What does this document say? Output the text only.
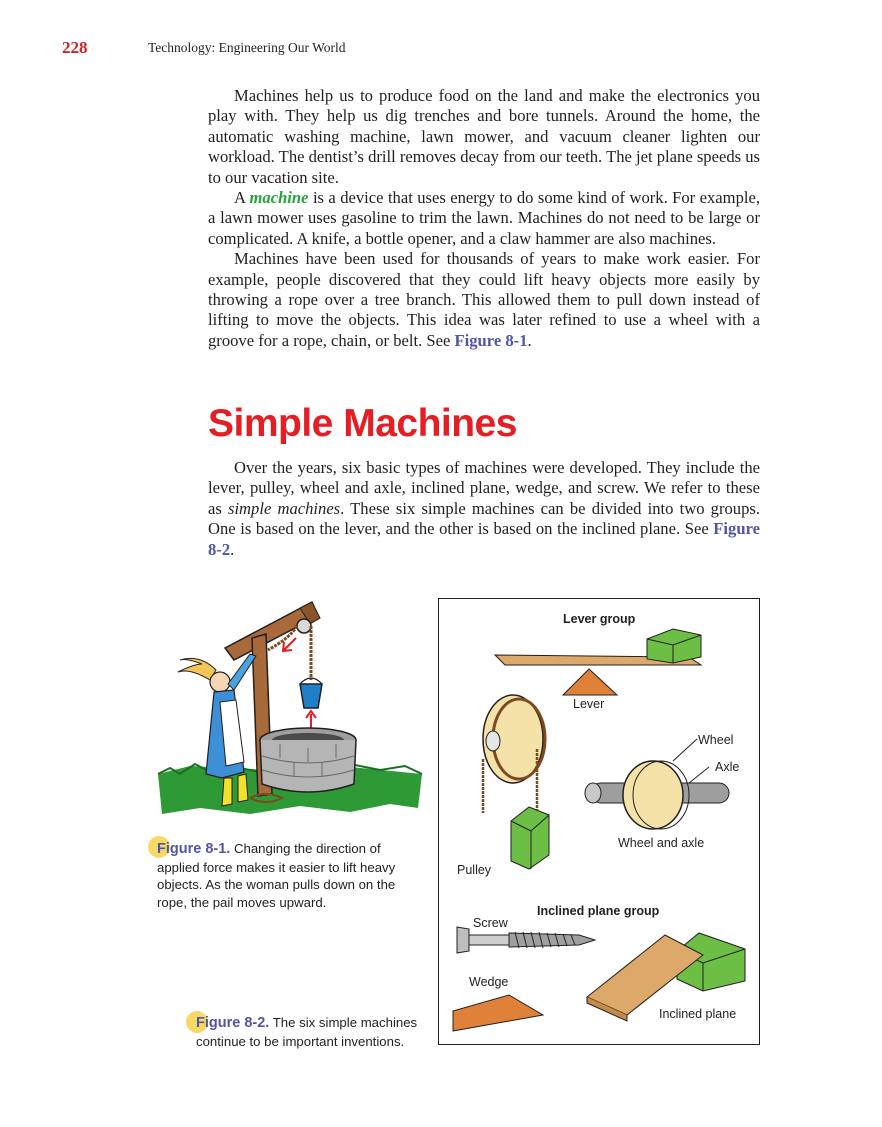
228	Technology: Engineering Our World

Machines help us to produce food on the land and make the electronics you play with. They help us dig trenches and bore tunnels. Around the home, the automatic washing machine, lawn mower, and vacuum cleaner lighten our workload. The dentist’s drill removes decay from our teeth. The jet plane speeds us to our vacation site.

A machine is a device that uses energy to do some kind of work. For example, a lawn mower uses gasoline to trim the lawn. Machines do not need to be large or complicated. A knife, a bottle opener, and a claw hammer are also machines.

Machines have been used for thousands of years to make work easier. For example, people discovered that they could lift heavy objects more easily by throwing a rope over a tree branch. This allowed them to pull down instead of lifting to move the objects. This idea was later refined to use a wheel with a groove for a rope, chain, or belt. See Figure 8-1.

Simple Machines

Over the years, six basic types of machines were developed. They include the lever, pulley, wheel and axle, inclined plane, wedge, and screw. We refer to these as simple machines. These six simple machines can be divided into two groups. One is based on the lever, and the other is based on the inclined plane. See Figure 8-2.

Figure 8-1. Changing the direction of applied force makes it easier to lift heavy objects. As the woman pulls down on the rope, the pail moves upward.
Figure 8-2. The six simple machines continue to be important inventions.
Lever group
Lever
Wheel
Axle
Wheel and axle
Pulley
Inclined plane group
Screw
Wedge
Inclined plane
